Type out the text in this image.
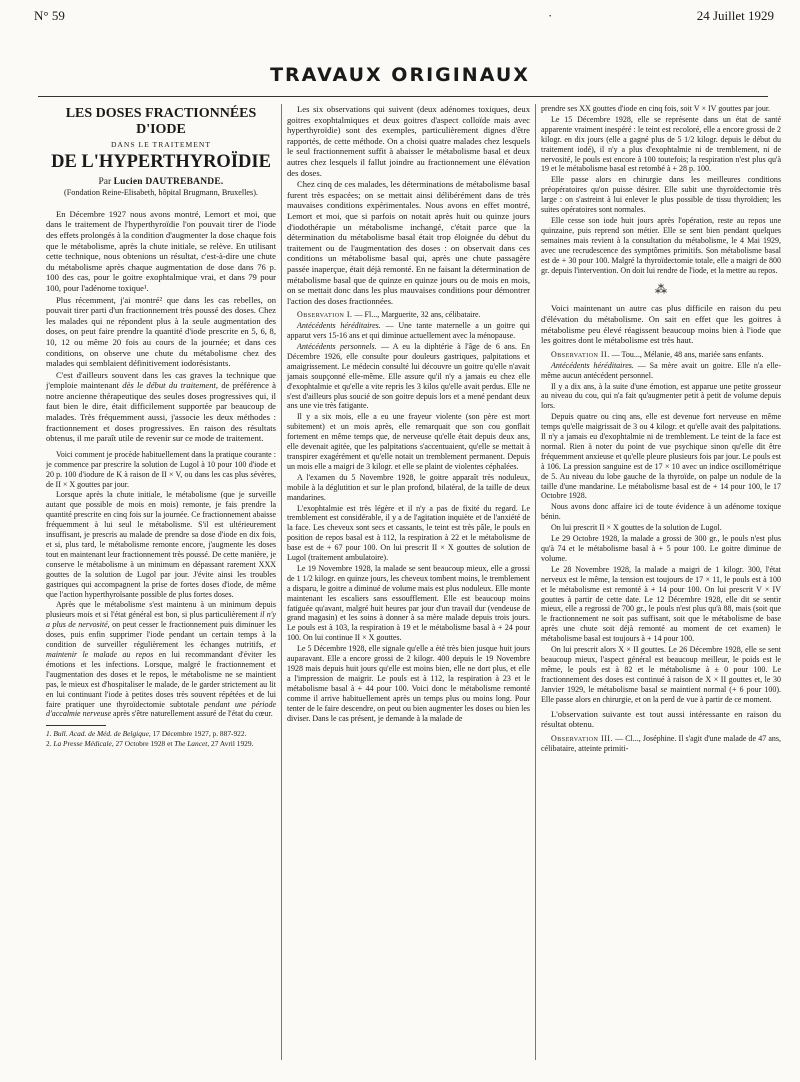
N° 59	·	24 Juillet 1929
TRAVAUX ORIGINAUX

LES DOSES FRACTIONNÉES D'IODE

DANS LE TRAITEMENT

DE L'HYPERTHYROÏDIE

Par Lucien DAUTREBANDE.

(Fondation Reine-Elisabeth, hôpital Brugmann, Bruxelles).

En Décembre 1927 nous avons montré, Lemort et moi, que dans le traitement de l'hyperthyroïdie l'on pouvait tirer de l'iode des effets prolongés à la condition d'augmenter la dose chaque fois que le métabolisme, après la chute initiale, se relève. En utilisant cette technique, nous obtenions un résultat, c'est-à-dire une chute du métabolisme après chaque augmentation de dose dans 76 p. 100 des cas, pour le goitre exophtalmique vrai, et dans 79 pour 100, pour l'adénome toxique¹.

Plus récemment, j'ai montré² que dans les cas rebelles, on pouvait tirer parti d'un fractionnement très poussé des doses. Chez les malades qui ne répondent plus à la seule augmentation des doses, on peut faire prendre la quantité d'iode prescrite en 5, 6, 8, 10, 12 ou même 20 fois au cours de la journée; et dans ces conditions, on observe une chute du métabolisme chez des malades qui semblaient définitivement iodorésistants.

C'est d'ailleurs souvent dans les cas graves la technique que j'emploie maintenant dès le début du traitement, de préférence à notre ancienne thérapeutique des seules doses progressives qui, il faut bien le dire, était difficilement supportée par beaucoup de malades. Très fréquemment aussi, j'associe les deux méthodes : fractionnement et doses progressives. En raison des résultats obtenus, il me paraît utile de revenir sur ce mode de traitement.

Voici comment je procède habituellement dans la pratique courante : je commence par prescrire la solution de Lugol à 10 pour 100 d'iode et 20 p. 100 d'iodure de K à raison de II × V, ou dans les cas plus sévères, de II × X gouttes par jour.

Lorsque après la chute initiale, le métabolisme (que je surveille autant que possible de mois en mois) remonte, je fais prendre la quantité prescrite en cinq fois sur la journée. Ce fractionnement abaisse fréquemment à lui seul le métabolisme. S'il est ultérieurement insuffisant, je prescris au malade de prendre sa dose d'iode en dix fois, et si, plus tard, le métabolisme remonte encore, j'augmente les doses tout en maintenant leur fractionnement très poussé. De cette manière, je conserve le métabolisme à un minimum en dépassant rarement XXX gouttes de la solution de Lugol par jour. J'évite ainsi les troubles gastriques qui accompagnent la prise de fortes doses d'iode, de même que l'action hyperthyroïsante possible de plus fortes doses.

Après que le métabolisme s'est maintenu à un minimum depuis plusieurs mois et si l'état général est bon, si plus particulièrement il n'y a plus de nervosité, on peut cesser le fractionnement puis diminuer les doses, puis enfin supprimer l'iode pendant un certain temps à la condition de surveiller régulièrement les échanges nutritifs, et maintenir le malade au repos en lui recommandant d'éviter les émotions et les infections. Lorsque, malgré le fractionnement et l'augmentation des doses et le repos, le métabolisme ne se maintient pas, le mieux est d'hospitaliser le malade, de le garder strictement au lit en lui continuant l'iode à petites doses très souvent répétées et de lui faire pratiquer une thyroïdectomie subtotale pendant une période d'accalmie nerveuse après s'être naturellement assuré de l'état du cœur.

1. Bull. Acad. de Méd. de Belgique, 17 Décembre 1927, p. 887-922.

2. La Presse Médicale, 27 Octobre 1928 et The Lancet, 27 Avril 1929.

Les six observations qui suivent (deux adénomes toxiques, deux goitres exophtalmiques et deux goitres d'aspect colloïde mais avec hyperthyroïdie) sont des exemples, particulièrement dignes d'être rapportés, de cette méthode. On a choisi quatre malades chez lesquels le seul fractionnement suffit à abaisser le métabolisme basal et deux autres chez lesquels il fallut joindre au fractionnement une élévation des doses.

Chez cinq de ces malades, les déterminations de métabolisme basal furent très espacées; on se mettait ainsi délibérément dans de très mauvaises conditions expérimentales. Nous avons en effet montré, Lemort et moi, que si parfois on notait après huit ou quinze jours d'iodothérapie un métabolisme inchangé, c'était parce que la détermination du métabolisme basal était trop éloignée du début du traitement ou de l'augmentation des doses : on observait dans ces conditions un métabolisme basal qui, après une chute passagère passée inaperçue, était déjà remonté. En ne faisant la détermination de métabolisme basal que de quinze en quinze jours ou de mois en mois, on se mettait donc dans les plus mauvaises conditions pour démontrer l'action des doses fractionnées.

Observation I. — Fl..., Marguerite, 32 ans, célibataire.

Antécédents héréditaires. — Une tante maternelle a un goitre qui apparut vers 15-16 ans et qui diminue actuellement avec la ménopause.

Antécédents personnels. — A eu la diphtérie à l'âge de 6 ans. En Décembre 1926, elle consulte pour douleurs gastriques, palpitations et amaigrissement. Le médecin consulté lui découvre un goitre qu'elle n'avait jamais soupçonné elle-même. Elle assure qu'il n'y a jamais eu chez elle d'exophtalmie et qu'elle a vite repris les 3 kilos qu'elle avait perdus. Elle ne s'est d'ailleurs plus soucié de son goitre depuis lors et a mené pendant deux ans une vie très fatigante.

Il y a six mois, elle a eu une frayeur violente (son père est mort subitement) et un mois après, elle remarquait que son cou gonflait fortement en même temps que, de nerveuse qu'elle était depuis deux ans, elle devenait agitée, que les palpitations s'accentuaient, qu'elle se mettait à transpirer exagérément et qu'elle notait un tremblement permanent. Depuis un mois elle a maigri de 3 kilogr. et elle se plaint de violentes céphalées.

A l'examen du 5 Novembre 1928, le goitre apparaît très noduleux, mobile à la déglutition et sur le plan profond, bilatéral, de la taille de deux mandarines.

L'exophtalmie est très légère et il n'y a pas de fixité du regard. Le tremblement est considérable, il y a de l'agitation inquiète et de l'anxiété de la face. Les cheveux sont secs et cassants, le teint est très pâle, le pouls en position de repos basal est à 112, la respiration à 22 et le métabolisme de base est de + 67 pour 100. On lui prescrit II × X gouttes de solution de Lugol (traitement ambulatoire).

Le 19 Novembre 1928, la malade se sent beaucoup mieux, elle a grossi de 1 1/2 kilogr. en quinze jours, les cheveux tombent moins, le tremblement a disparu, le goitre a diminué de volume mais est plus noduleux. Elle monte maintenant les escaliers sans essoufflement. Elle est beaucoup moins fatiguée qu'avant, malgré huit heures par jour d'un travail dur (vendeuse de grand magasin) et les soins à donner à sa mère malade depuis trois jours. Le pouls est à 103, la respiration à 19 et le métabolisme basal à + 24 pour 100. On lui continue II × X gouttes.

Le 5 Décembre 1928, elle signale qu'elle a été très bien jusque huit jours auparavant. Elle a encore grossi de 2 kilogr. 400 depuis le 19 Novembre 1928 mais depuis huit jours qu'elle est moins bien, elle ne dort plus, et elle a l'impression de maigrir. Le pouls est à 112, la respiration à 23 et le métabolisme basal à + 44 pour 100. Voici donc le métabolisme remonté comme il arrive habituellement après un temps plus ou moins long. Pour tenter de le faire descendre, on peut ou bien augmenter les doses ou bien les diviser. Dans le cas présent, je demande à la malade de

prendre ses XX gouttes d'iode en cinq fois, soit V × IV gouttes par jour.

Le 15 Décembre 1928, elle se représente dans un état de santé apparente vraiment inespéré : le teint est recoloré, elle a encore grossi de 2 kilogr. en dix jours (elle a gagné plus de 5 1/2 kilogr. depuis le début du traitement iodé), il n'y a plus d'exophtalmie ni de tremblement, ni de nervosité, le pouls est encore à 100 toutefois; la respiration n'est plus qu'à 19 et le métabolisme basal est retombé à + 28 p. 100.

Elle passe alors en chirurgie dans les meilleures conditions préopératoires qu'on puisse désirer. Elle subit une thyroïdectomie très large : on s'astreint à lui enlever le plus possible de tissu thyroïdien; les suites opératoires sont normales.

Elle cesse son iode huit jours après l'opération, reste au repos une quinzaine, puis reprend son métier. Elle se sent bien pendant quelques semaines mais revient à la consultation du métabolisme, le 4 Mai 1929, avec une recrudescence des symptômes primitifs. Son métabolisme basal est de + 30 pour 100. Malgré la thyroïdectomie totale, elle a maigri de 800 gr. depuis l'intervention. On doit lui rendre de l'iode, et la mettre au repos.

⁂

Voici maintenant un autre cas plus difficile en raison du peu d'élévation du métabolisme. On sait en effet que les goitres à métabolisme peu élevé réagissent beaucoup moins bien à l'iode que les goitres dont le métabolisme est très haut.

Observation II. — Tou..., Mélanie, 48 ans, mariée sans enfants.

Antécédents héréditaires. — Sa mère avait un goitre. Elle n'a elle-même aucun antécédent personnel.

Il y a dix ans, à la suite d'une émotion, est apparue une petite grosseur au niveau du cou, qui n'a fait qu'augmenter petit à petit de volume depuis lors.

Depuis quatre ou cinq ans, elle est devenue fort nerveuse en même temps qu'elle maigrissait de 3 ou 4 kilogr. et qu'elle avait des palpitations. Il n'y a jamais eu d'exophtalmie ni de tremblement. Le teint de la face est normal. Rien à noter du point de vue psychique sinon qu'elle dit être fréquemment anxieuse et qu'elle pleure plusieurs fois par jour. Le pouls est à 106. La pression sanguine est de 17 × 10 avec un indice oscillométrique de 5. Au niveau du lobe gauche de la thyroïde, on palpe un nodule de la taille d'une mandarine. Le métabolisme basal est de + 14 pour 100, le 17 Octobre 1928.

Nous avons donc affaire ici de toute évidence à un adénome toxique bénin.

On lui prescrit II × X gouttes de la solution de Lugol.

Le 29 Octobre 1928, la malade a grossi de 300 gr., le pouls n'est plus qu'à 74 et le métabolisme basal à + 5 pour 100. Le goitre diminue de volume.

Le 28 Novembre 1928, la malade a maigri de 1 kilogr. 300, l'état nerveux est le même, la tension est toujours de 17 × 11, le pouls est à 100 et le métabolisme est remonté à + 14 pour 100. On lui prescrit V × IV gouttes à partir de cette date. Le 12 Décembre 1928, elle dit se sentir mieux, elle a regrossi de 700 gr., le pouls n'est plus qu'à 88, mais (soit que le fractionnement ne soit pas suffisant, soit que le métabolisme de base après une chute soit déjà remonté au moment de cet examen) le métabolisme basal est toujours à + 14 pour 100.

On lui prescrit alors X × II gouttes. Le 26 Décembre 1928, elle se sent beaucoup mieux, l'aspect général est beaucoup meilleur, le poids est le même, le pouls est à 82 et le métabolisme à ± 0 pour 100. Le fractionnement des doses est continué à raison de X × II gouttes et, le 30 Janvier 1929, le métabolisme basal se maintient normal (+ 6 pour 100). Elle passe alors en chirurgie, et on la perd de vue à partir de ce moment.

L'observation suivante est tout aussi intéressante en raison du résultat obtenu.

Observation III. — Cl..., Joséphine. Il s'agit d'une malade de 47 ans, célibataire, atteinte primiti-
